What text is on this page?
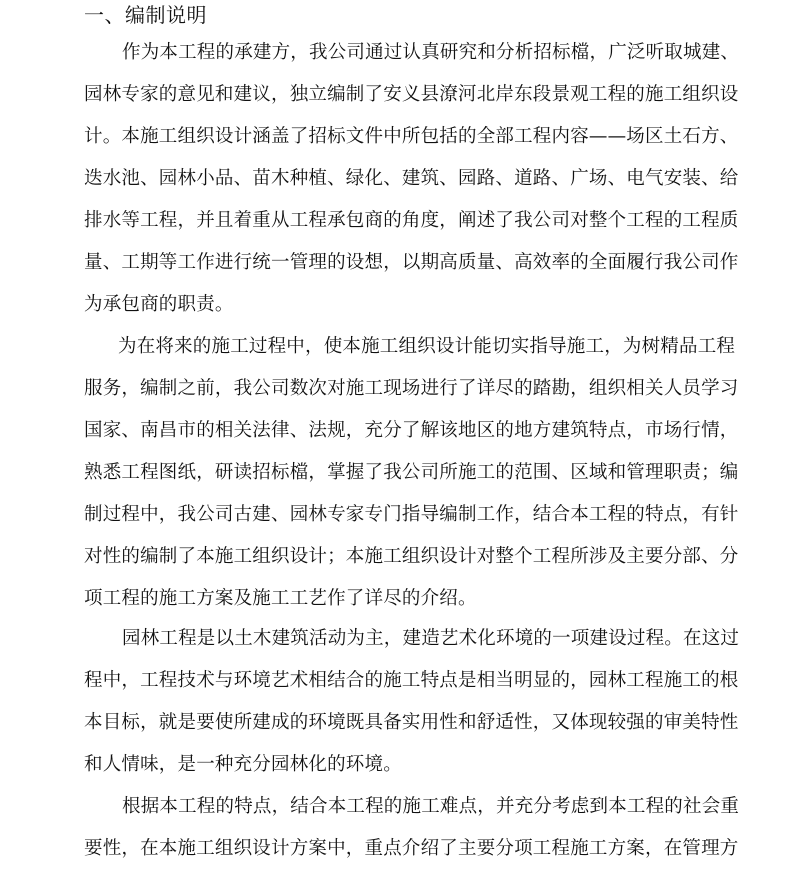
一、编制说明
作为本工程的承建方，我公司通过认真研究和分析招标檔，广泛听取城建、
园林专家的意见和建议，独立编制了安义县潦河北岸东段景观工程的施工组织设
计。本施工组织设计涵盖了招标文件中所包括的全部工程内容——场区土石方、
迭水池、园林小品、苗木种植、绿化、建筑、园路、道路、广场、电气安装、给
排水等工程，并且着重从工程承包商的角度，阐述了我公司对整个工程的工程质
量、工期等工作进行统一管理的设想，以期高质量、高效率的全面履行我公司作
为承包商的职责。
为在将来的施工过程中，使本施工组织设计能切实指导施工，为树精品工程
服务，编制之前，我公司数次对施工现场进行了详尽的踏勘，组织相关人员学习
国家、南昌市的相关法律、法规，充分了解该地区的地方建筑特点，市场行情，
熟悉工程图纸，研读招标檔，掌握了我公司所施工的范围、区域和管理职责；编
制过程中，我公司古建、园林专家专门指导编制工作，结合本工程的特点，有针
对性的编制了本施工组织设计；本施工组织设计对整个工程所涉及主要分部、分
项工程的施工方案及施工工艺作了详尽的介绍。
园林工程是以土木建筑活动为主，建造艺术化环境的一项建设过程。在这过
程中，工程技术与环境艺术相结合的施工特点是相当明显的，园林工程施工的根
本目标，就是要使所建成的环境既具备实用性和舒适性，又体现较强的审美特性
和人情味，是一种充分园林化的环境。
根据本工程的特点，结合本工程的施工难点，并充分考虑到本工程的社会重
要性，在本施工组织设计方案中，重点介绍了主要分项工程施工方案，在管理方
